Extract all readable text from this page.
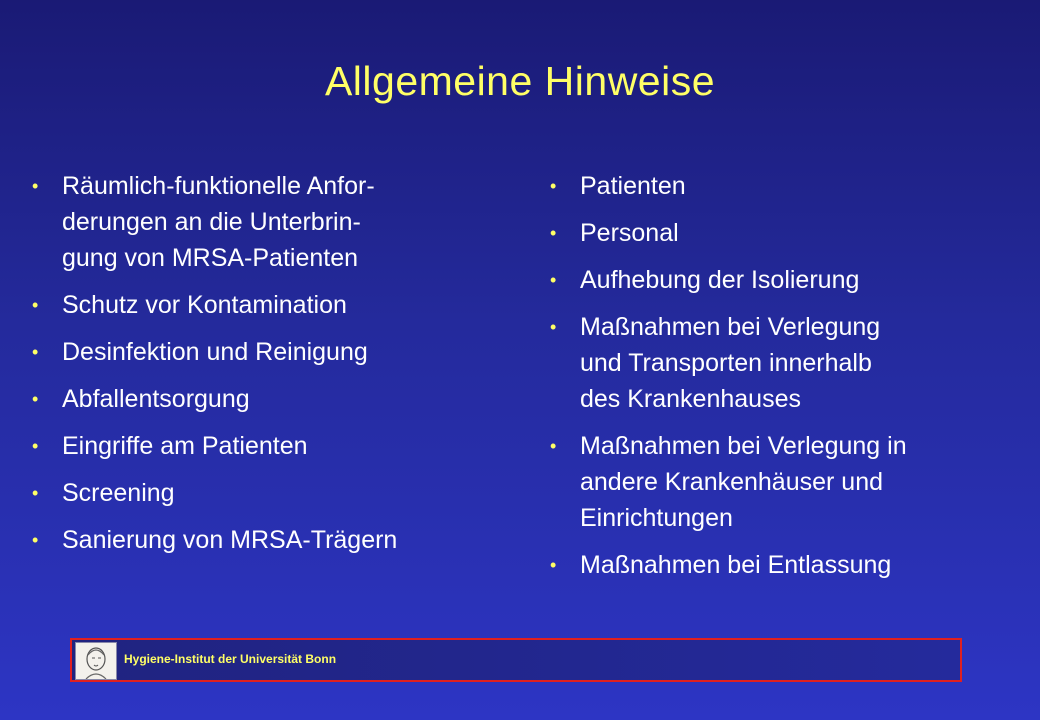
Allgemeine Hinweise
• Räumlich-funktionelle Anfor-
derungen an die Unterbrin-
gung von MRSA-Patienten
• Schutz vor Kontamination
• Desinfektion und Reinigung
• Abfallentsorgung
• Eingriffe am Patienten
• Screening
• Sanierung von MRSA-Trägern
• Patienten
• Personal
• Aufhebung der Isolierung
• Maßnahmen bei Verlegung
und Transporten innerhalb
des Krankenhauses
• Maßnahmen bei Verlegung in
andere Krankenhäuser und
Einrichtungen
• Maßnahmen bei Entlassung
Hygiene-Institut der Universität Bonn
